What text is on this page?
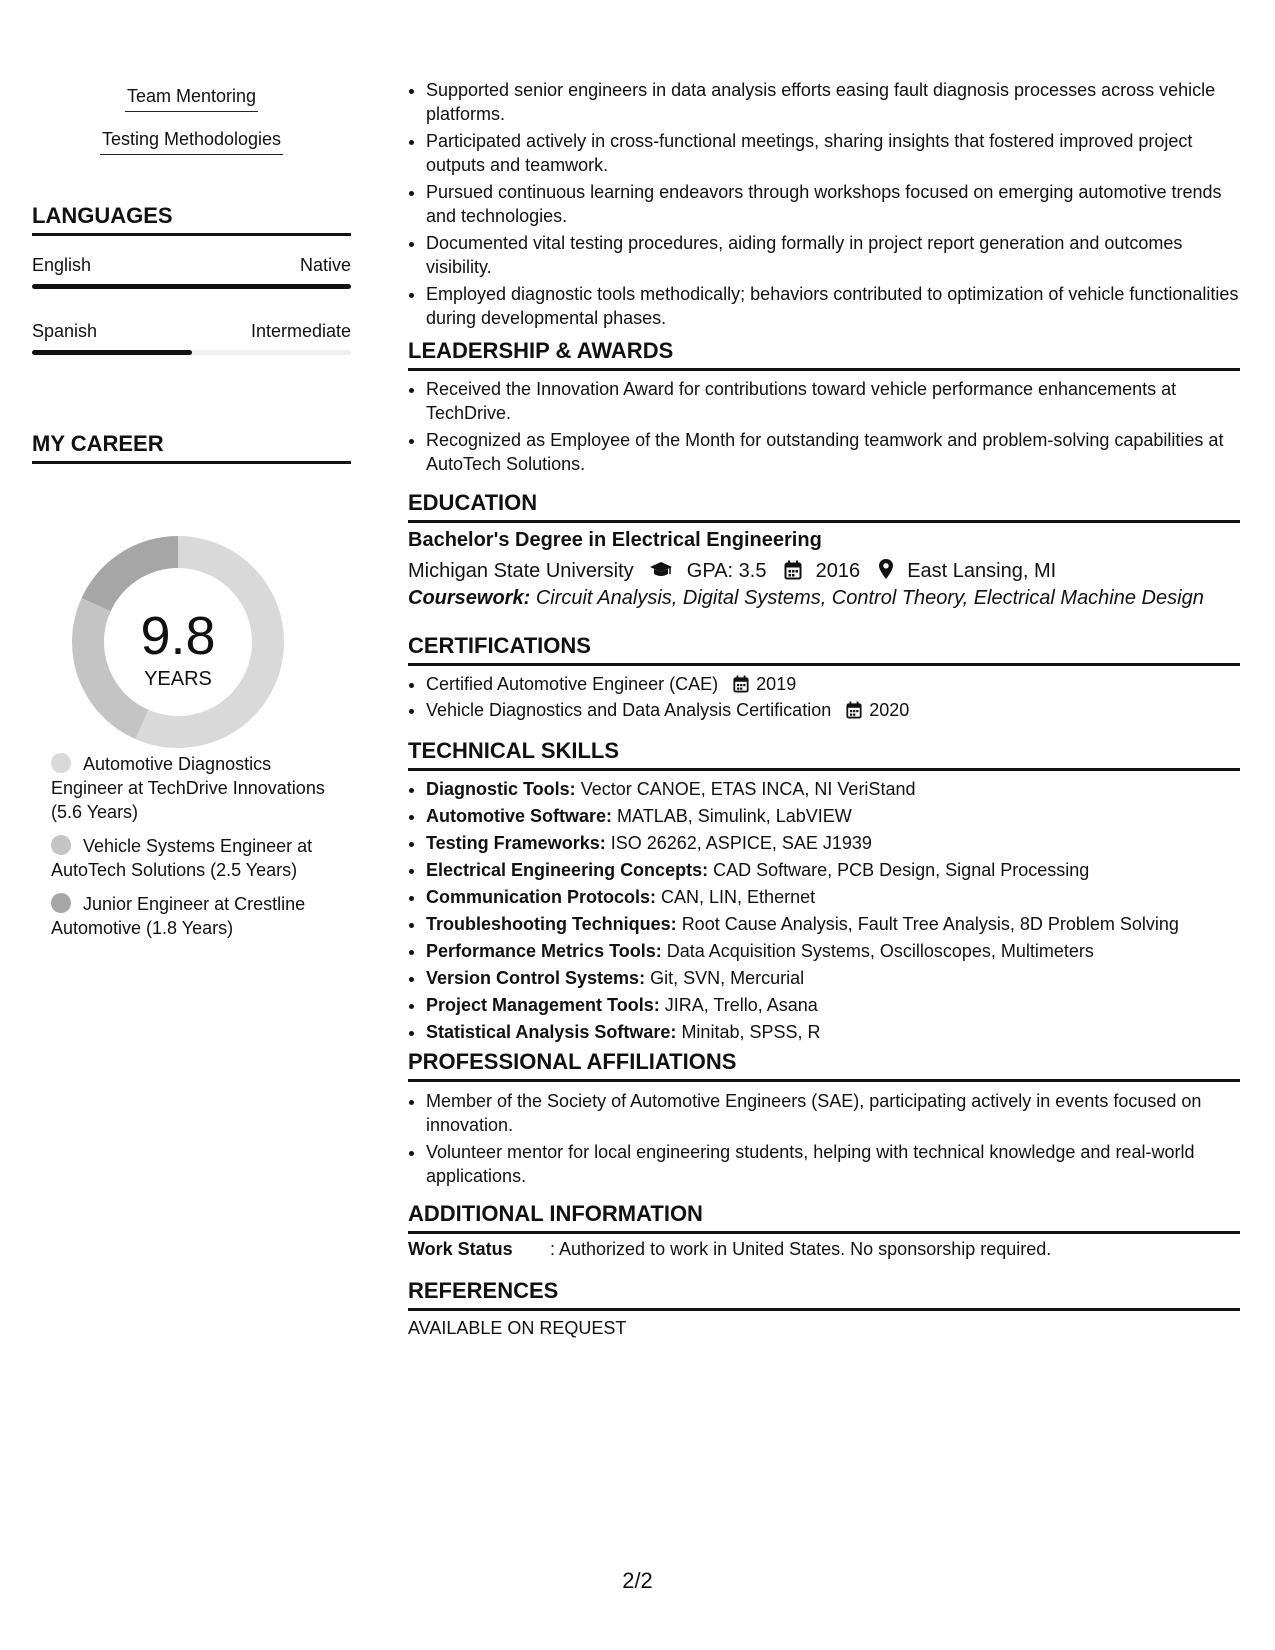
Team Mentoring
Testing Methodologies
LANGUAGES
English	Native
Spanish	Intermediate
MY CAREER
9.8
YEARS
Automotive Diagnostics Engineer at TechDrive Innovations (5.6 Years)
Vehicle Systems Engineer at AutoTech Solutions (2.5 Years)
Junior Engineer at Crestline Automotive (1.8 Years)
• Supported senior engineers in data analysis efforts easing fault diagnosis processes across vehicle platforms.
• Participated actively in cross-functional meetings, sharing insights that fostered improved project outputs and teamwork.
• Pursued continuous learning endeavors through workshops focused on emerging automotive trends and technologies.
• Documented vital testing procedures, aiding formally in project report generation and outcomes visibility.
• Employed diagnostic tools methodically; behaviors contributed to optimization of vehicle functionalities during developmental phases.
LEADERSHIP & AWARDS
• Received the Innovation Award for contributions toward vehicle performance enhancements at TechDrive.
• Recognized as Employee of the Month for outstanding teamwork and problem-solving capabilities at AutoTech Solutions.
EDUCATION
Bachelor's Degree in Electrical Engineering
Michigan State University	GPA: 3.5 2016 East Lansing, MI
Coursework: Circuit Analysis, Digital Systems, Control Theory, Electrical Machine Design
CERTIFICATIONS
• Certified Automotive Engineer (CAE) 2019
• Vehicle Diagnostics and Data Analysis Certification 2020
TECHNICAL SKILLS
• Diagnostic Tools: Vector CANOE, ETAS INCA, NI VeriStand
• Automotive Software: MATLAB, Simulink, LabVIEW
• Testing Frameworks: ISO 26262, ASPICE, SAE J1939
• Electrical Engineering Concepts: CAD Software, PCB Design, Signal Processing
• Communication Protocols: CAN, LIN, Ethernet
• Troubleshooting Techniques: Root Cause Analysis, Fault Tree Analysis, 8D Problem Solving
• Performance Metrics Tools: Data Acquisition Systems, Oscilloscopes, Multimeters
• Version Control Systems: Git, SVN, Mercurial
• Project Management Tools: JIRA, Trello, Asana
• Statistical Analysis Software: Minitab, SPSS, R
PROFESSIONAL AFFILIATIONS
• Member of the Society of Automotive Engineers (SAE), participating actively in events focused on innovation.
• Volunteer mentor for local engineering students, helping with technical knowledge and real-world applications.
ADDITIONAL INFORMATION
Work Status	: Authorized to work in United States. No sponsorship required.
REFERENCES
AVAILABLE ON REQUEST
2/2
